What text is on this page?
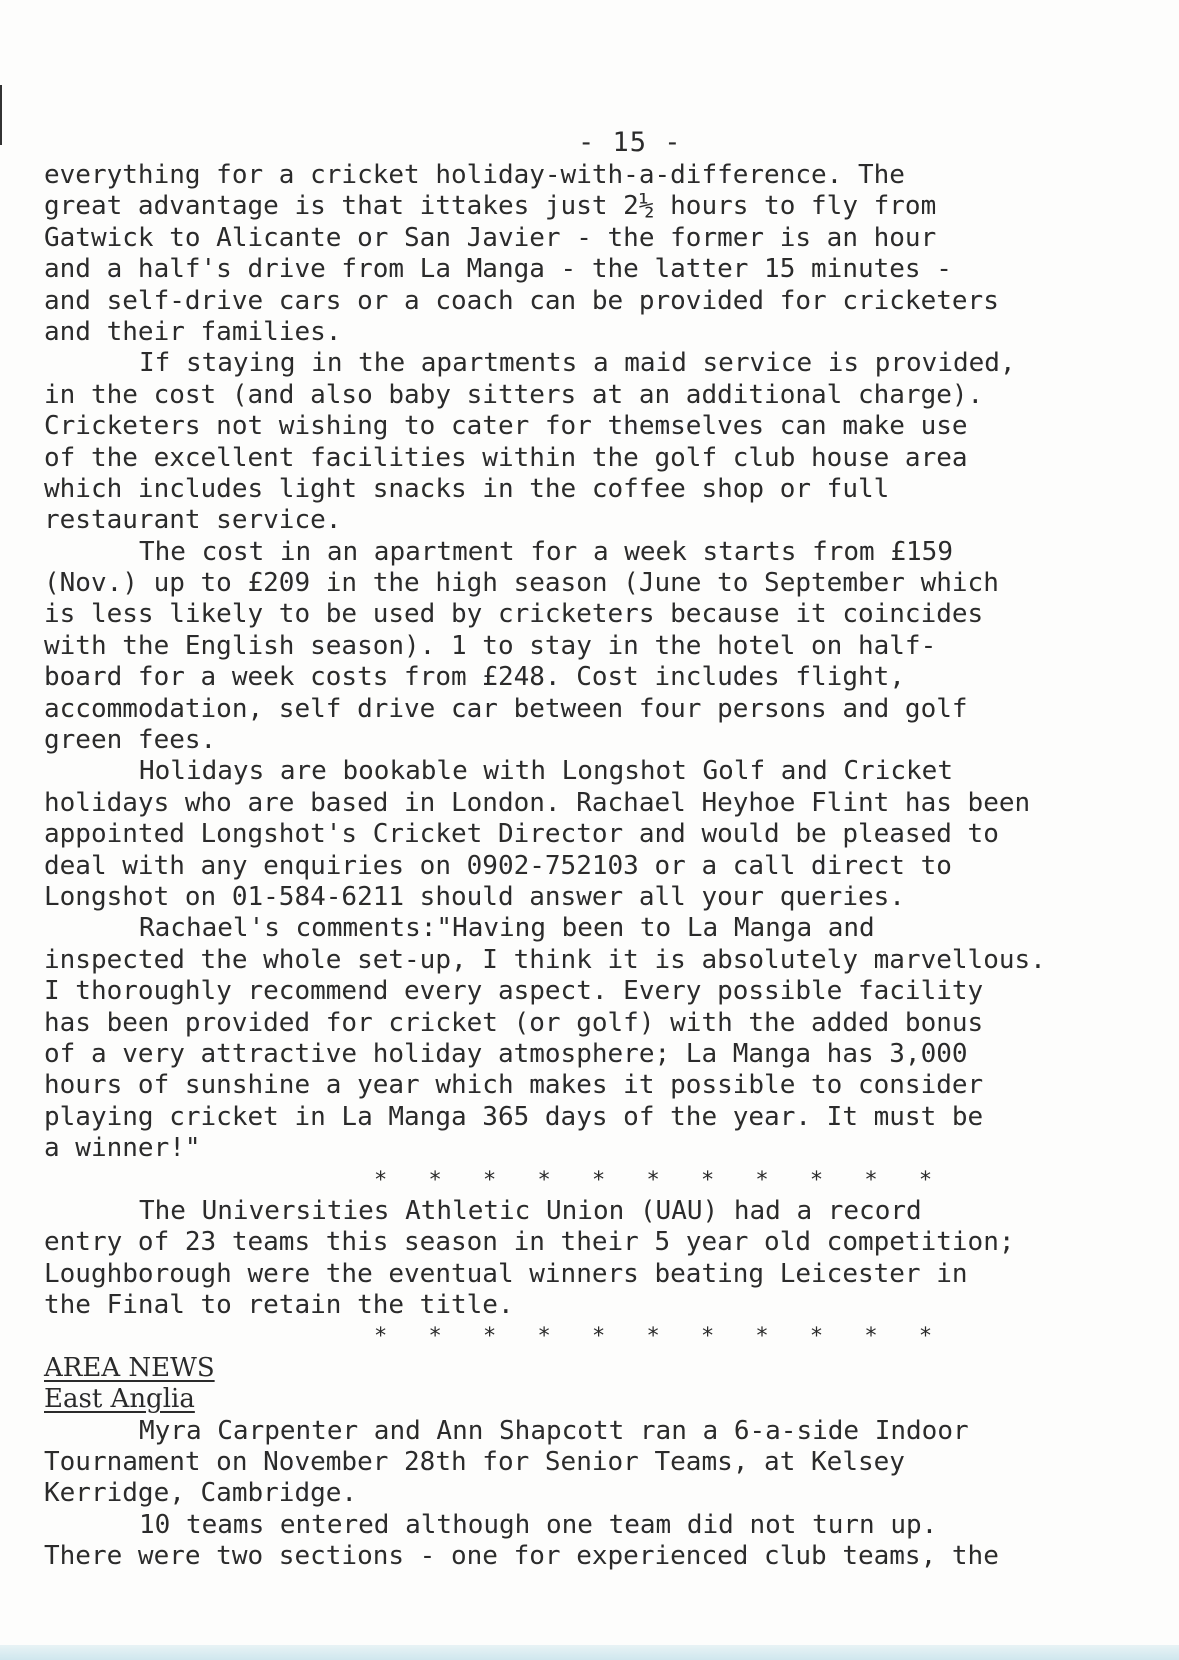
- 15 -
everything for a cricket holiday-with-a-difference. The
great advantage is that ittakes just 2½ hours to fly from
Gatwick to Alicante or San Javier - the former is an hour
and a half's drive from La Manga - the latter 15 minutes -
and self-drive cars or a coach can be provided for cricketers
and their families.
If staying in the apartments a maid service is provided,
in the cost (and also baby sitters at an additional charge).
Cricketers not wishing to cater for themselves can make use
of the excellent facilities within the golf club house area
which includes light snacks in the coffee shop or full
restaurant service.
The cost in an apartment for a week starts from £159
(Nov.) up to £209 in the high season (June to September which
is less likely to be used by cricketers because it coincides
with the English season). 1 to stay in the hotel on half-
board for a week costs from £248. Cost includes flight,
accommodation, self drive car between four persons and golf
green fees.
Holidays are bookable with Longshot Golf and Cricket
holidays who are based in London. Rachael Heyhoe Flint has been
appointed Longshot's Cricket Director and would be pleased to
deal with any enquiries on 0902-752103 or a call direct to
Longshot on 01-584-6211 should answer all your queries.
Rachael's comments:"Having been to La Manga and
inspected the whole set-up, I think it is absolutely marvellous.
I thoroughly recommend every aspect. Every possible facility
has been provided for cricket (or golf) with the added bonus
of a very attractive holiday atmosphere; La Manga has 3,000
hours of sunshine a year which makes it possible to consider
playing cricket in La Manga 365 days of the year. It must be
a winner!"
* * * * * * * * * * *
The Universities Athletic Union (UAU) had a record
entry of 23 teams this season in their 5 year old competition;
Loughborough were the eventual winners beating Leicester in
the Final to retain the title.
* * * * * * * * * * *
AREA NEWS
East Anglia
Myra Carpenter and Ann Shapcott ran a 6-a-side Indoor
Tournament on November 28th for Senior Teams, at Kelsey
Kerridge, Cambridge.
10 teams entered although one team did not turn up.
There were two sections - one for experienced club teams, the
